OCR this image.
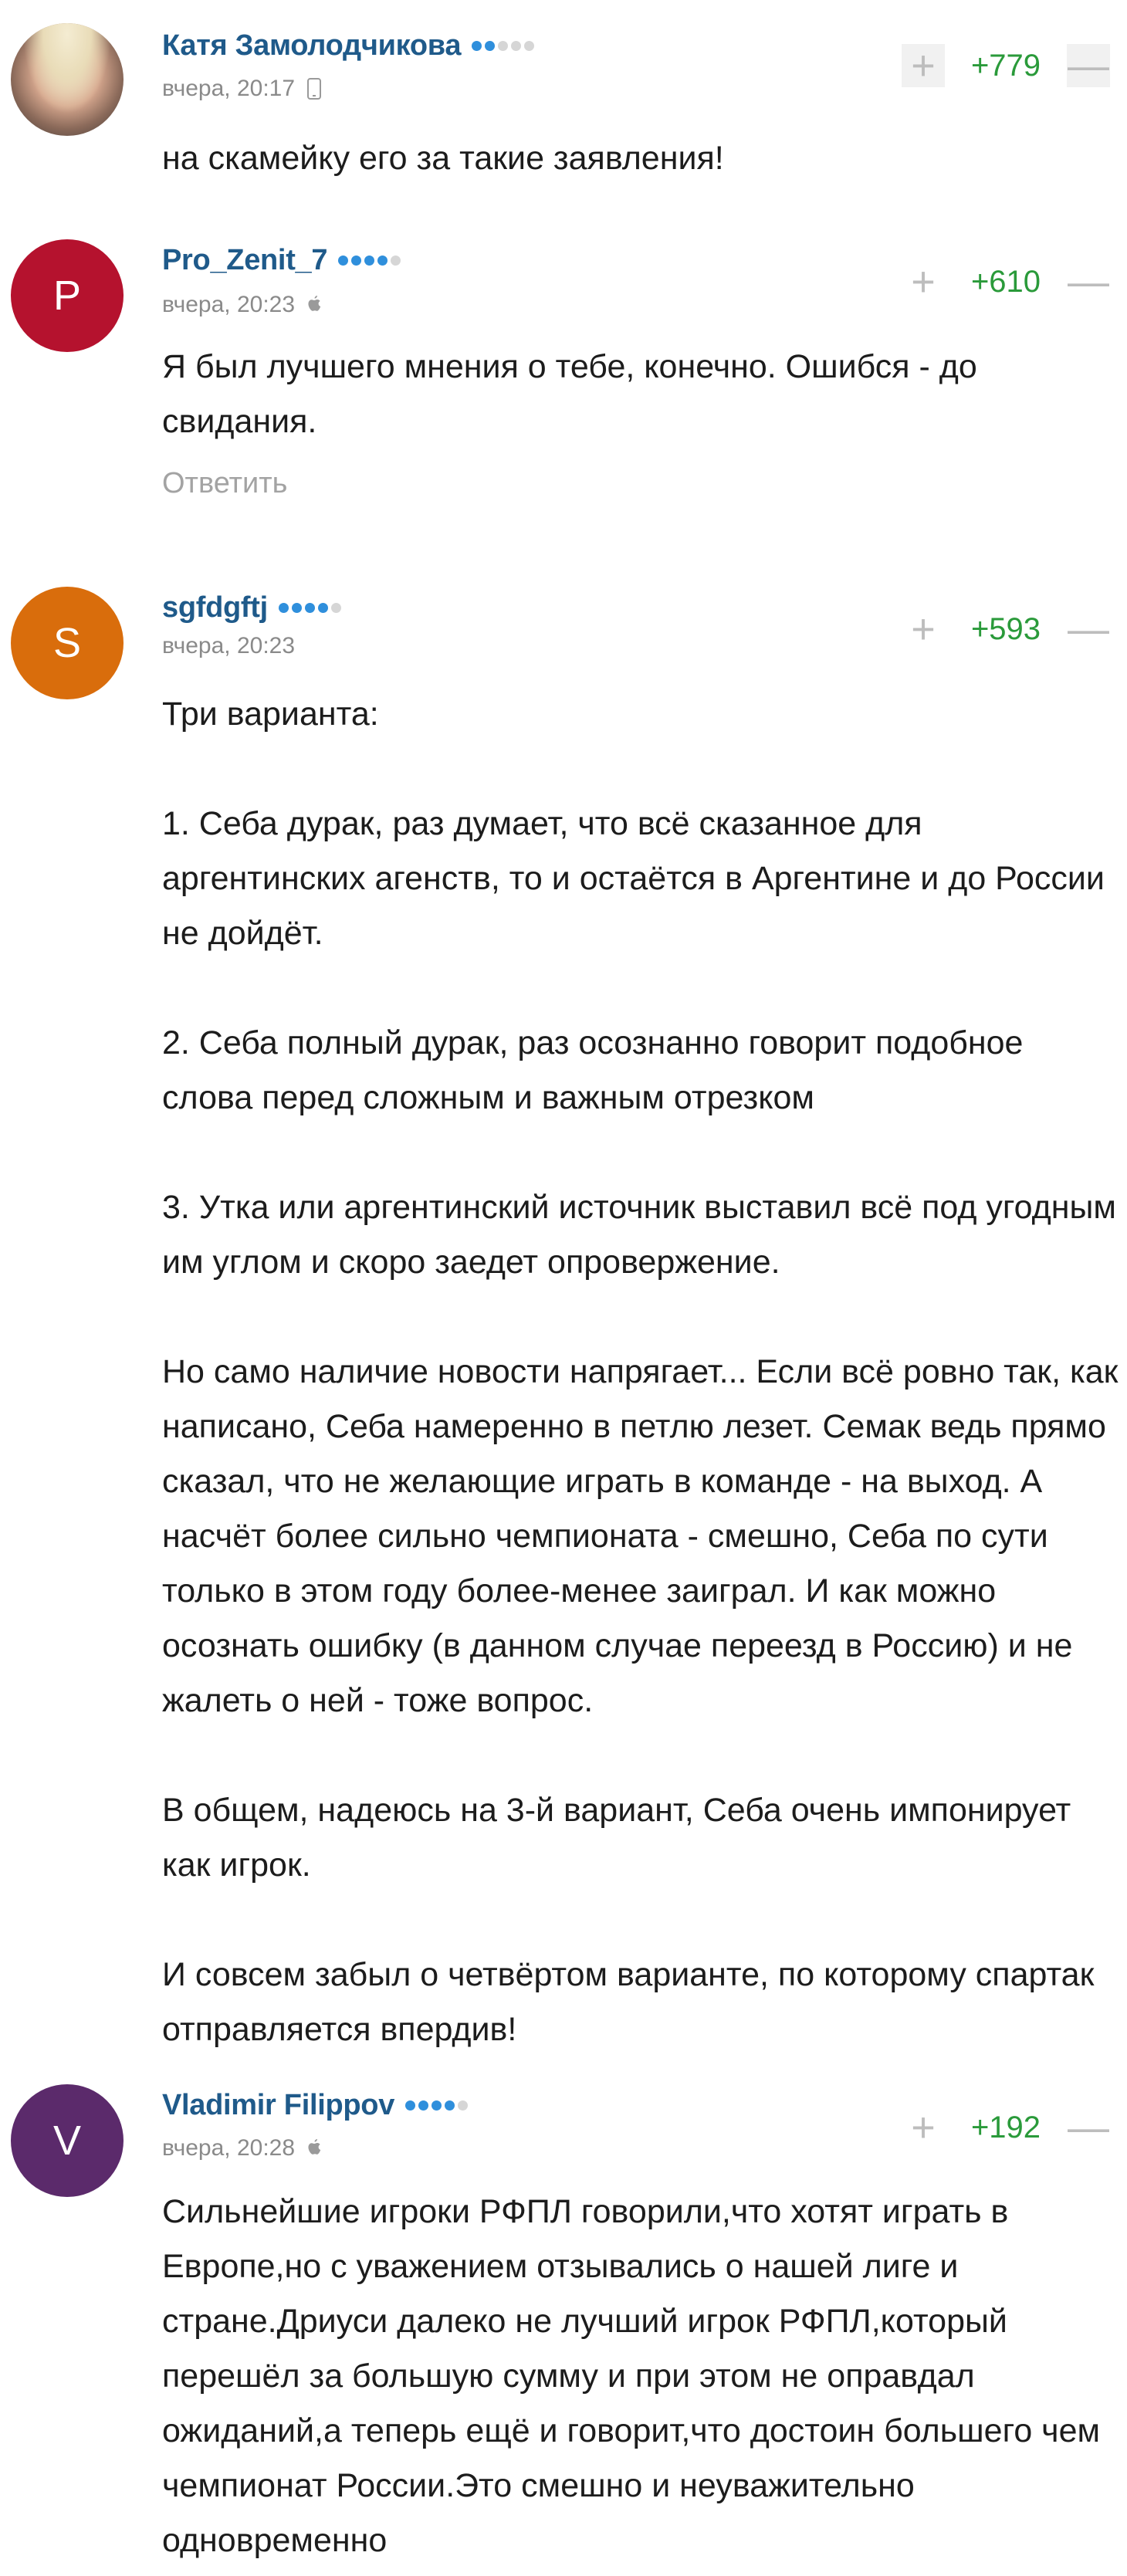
Катя Замолодчикова
вчера, 20:17	+	+779 —

на скамейку его за такие заявления!

P
Pro_Zenit_7
вчера, 20:23	+	+610 —

Я был лучшего мнения о тебе, конечно. Ошибся - до свидания.

Ответить
S
sgfdgftj
вчера, 20:23	+	+593 —

Три варианта:

1. Себа дурак, раз думает, что всё сказанное для аргентинских агенств, то и остаётся в Аргентине и до России не дойдёт.

2. Себа полный дурак, раз осознанно говорит подобное слова перед сложным и важным отрезком

3. Утка или аргентинский источник выставил всё под угодным им углом и скоро заедет опровержение.

Но само наличие новости напрягает... Если всё ровно так, как написано, Себа намеренно в петлю лезет. Семак ведь прямо сказал, что не желающие играть в команде - на выход. А насчёт более сильно чемпионата - смешно, Себа по сути только в этом году более-менее заиграл. И как можно осознать ошибку (в данном случае переезд в Россию) и не жалеть о ней - тоже вопрос.

В общем, надеюсь на 3-й вариант, Себа очень импонирует как игрок.

И совсем забыл о четвёртом варианте, по которому спартак отправляется впердив!

V
Vladimir Filippov
вчера, 20:28	+	+192 —

Сильнейшие игроки РФПЛ говорили,что хотят играть в Европе,но с уважением отзывались о нашей лиге и стране.Дриуси далеко не лучший игрок РФПЛ,который перешёл за большую сумму и при этом не оправдал ожиданий,а теперь ещё и говорит,что достоин большего чем чемпионат России.Это смешно и неуважительно одновременно
